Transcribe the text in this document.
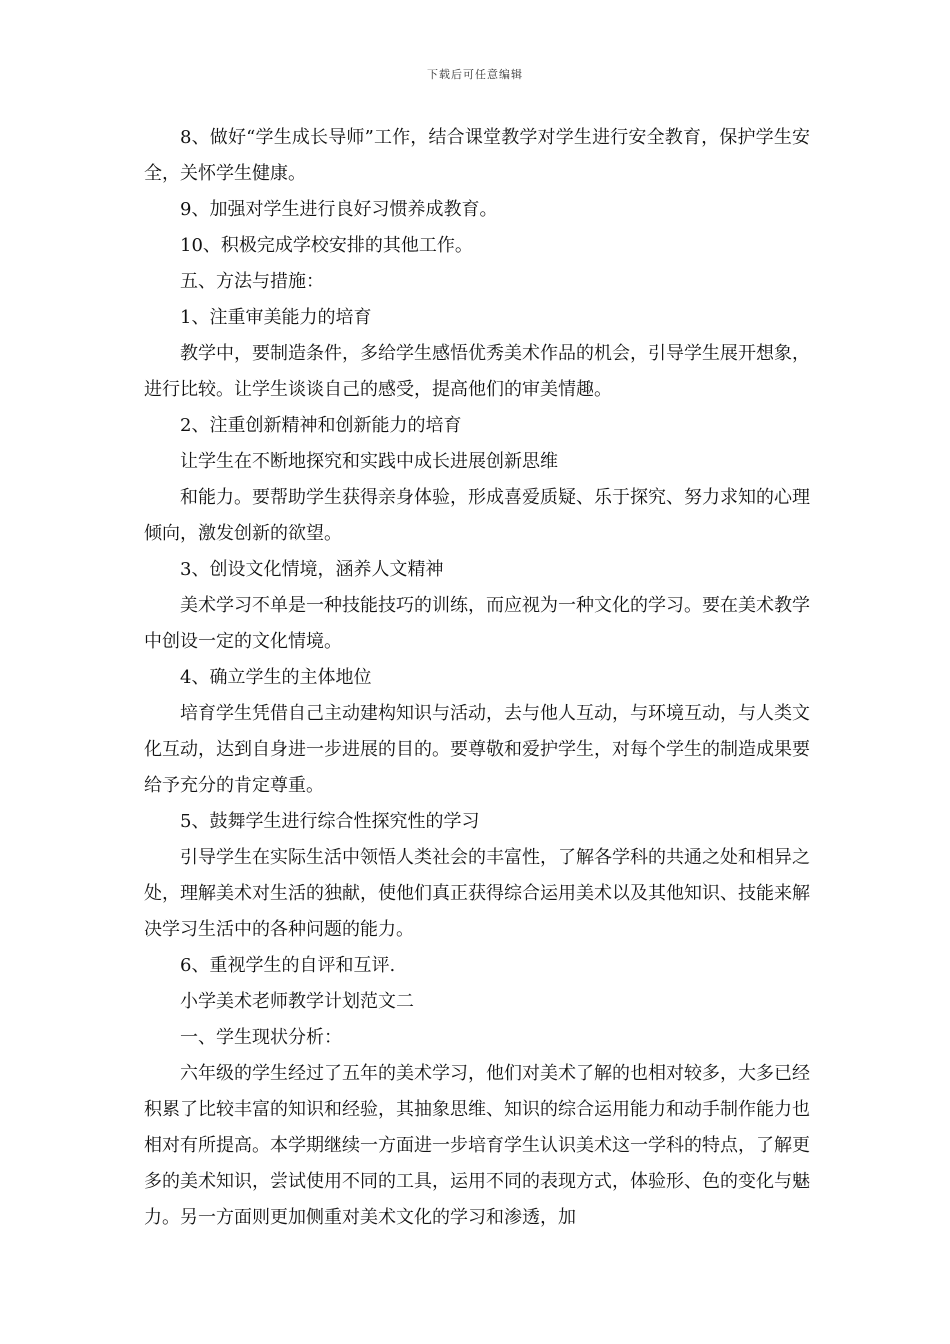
下载后可任意编辑

8、做好“学生成长导师”工作，结合课堂教学对学生进行安全教育，保护学生安全，关怀学生健康。

9、加强对学生进行良好习惯养成教育。

10、积极完成学校安排的其他工作。

五、方法与措施：

1、注重审美能力的培育

教学中，要制造条件，多给学生感悟优秀美术作品的机会，引导学生展开想象，进行比较。让学生谈谈自己的感受，提高他们的审美情趣。

2、注重创新精神和创新能力的培育

让学生在不断地探究和实践中成长进展创新思维

和能力。要帮助学生获得亲身体验，形成喜爱质疑、乐于探究、努力求知的心理倾向，激发创新的欲望。

3、创设文化情境，涵养人文精神

美术学习不单是一种技能技巧的训练，而应视为一种文化的学习。要在美术教学中创设一定的文化情境。

4、确立学生的主体地位

培育学生凭借自己主动建构知识与活动，去与他人互动，与环境互动，与人类文化互动，达到自身进一步进展的目的。要尊敬和爱护学生，对每个学生的制造成果要给予充分的肯定尊重。

5、鼓舞学生进行综合性探究性的学习

引导学生在实际生活中领悟人类社会的丰富性，了解各学科的共通之处和相异之处，理解美术对生活的独献，使他们真正获得综合运用美术以及其他知识、技能来解决学习生活中的各种问题的能力。

6、重视学生的自评和互评.

小学美术老师教学计划范文二

一、学生现状分析：

六年级的学生经过了五年的美术学习，他们对美术了解的也相对较多，大多已经积累了比较丰富的知识和经验，其抽象思维、知识的综合运用能力和动手制作能力也相对有所提高。本学期继续一方面进一步培育学生认识美术这一学科的特点，了解更多的美术知识，尝试使用不同的工具，运用不同的表现方式，体验形、色的变化与魅力。另一方面则更加侧重对美术文化的学习和渗透，加
